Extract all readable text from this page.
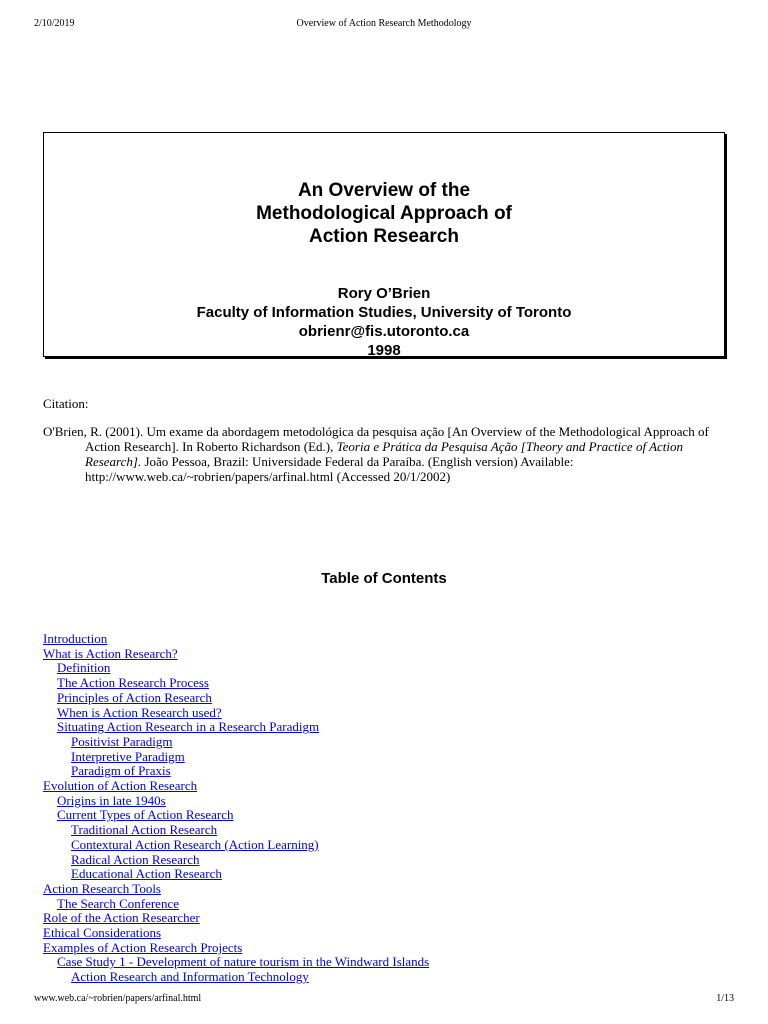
2/10/2019	Overview of Action Research Methodology
An Overview of the
Methodological Approach of
Action Research
Rory O’Brien
Faculty of Information Studies, University of Toronto
obrienr@fis.utoronto.ca
1998
Citation:
O'Brien, R. (2001). Um exame da abordagem metodológica da pesquisa ação [An Overview of the Methodological Approach of Action Research]. In Roberto Richardson (Ed.), Teoria e Prática da Pesquisa Ação [Theory and Practice of Action Research]. João Pessoa, Brazil: Universidade Federal da Paraíba. (English version) Available: http://www.web.ca/~robrien/papers/arfinal.html (Accessed 20/1/2002)
Table of Contents
Introduction
What is Action Research?
Definition
The Action Research Process
Principles of Action Research
When is Action Research used?
Situating Action Research in a Research Paradigm
Positivist Paradigm
Interpretive Paradigm
Paradigm of Praxis
Evolution of Action Research
Origins in late 1940s
Current Types of Action Research
Traditional Action Research
Contextural Action Research (Action Learning)
Radical Action Research
Educational Action Research
Action Research Tools
The Search Conference
Role of the Action Researcher
Ethical Considerations
Examples of Action Research Projects
Case Study 1 - Development of nature tourism in the Windward Islands
Action Research and Information Technology
www.web.ca/~robrien/papers/arfinal.html	1/13
